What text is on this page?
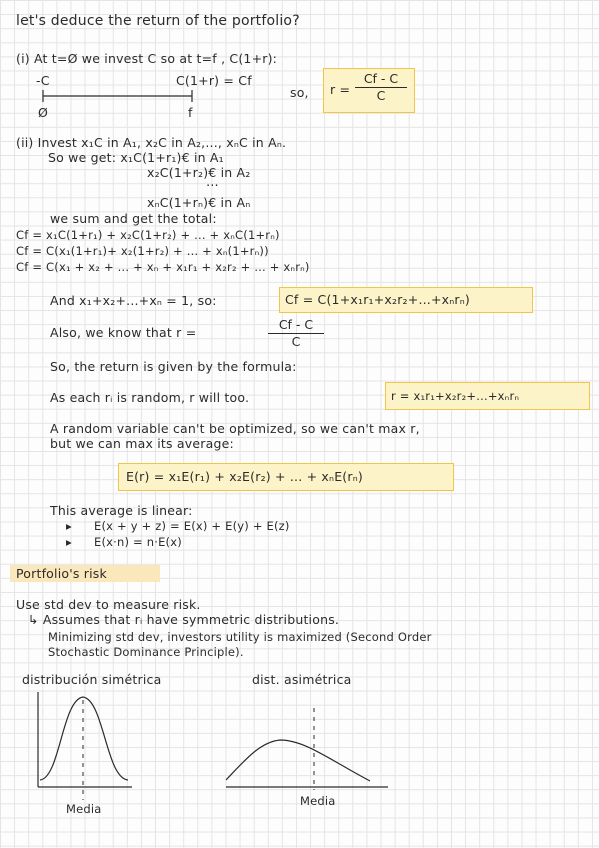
let's deduce the return of the portfolio?
(i) At t=Ø we invest C so at t=f , C(1+r):
-C	C(1+r) = Cf
Ø	f
so, $r = \frac{Cf - C}{C}$
(ii) Invest x₁C in A₁, x₂C in A₂,..., xₙC in Aₙ.
So we get: x₁C(1+r₁)€ in A₁
x₂C(1+r₂)€ in A₂
⋯
xₙC(1+rₙ)€ in Aₙ
we sum and get the total:
Cf = x₁C(1+r₁) + x₂C(1+r₂) + ... + xₙC(1+rₙ)
Cf = C(x₁(1+r₁)+ x₂(1+r₂) + ... + xₙ(1+rₙ))
Cf = C(x₁ + x₂ + ... + xₙ + x₁r₁ + x₂r₂ + ... + xₙrₙ)
And x₁+x₂+...+xₙ = 1, so:	Cf = C(1+x₁r₁+x₂r₂+...+xₙrₙ)
Also, we know that r =	$\frac{Cf - C}{C}$
So, the return is given by the formula:
As each rᵢ is random, r will too.	r = x₁r₁+x₂r₂+...+xₙrₙ
A random variable can't be optimized, so we can't max r,
but we can max its average:
E(r) = x₁E(r₁) + x₂E(r₂) + ... + xₙE(rₙ)
This average is linear:
▸ E(x + y + z) = E(x) + E(y) + E(z)
▸ E(x·n) = n·E(x)
Portfolio's risk
Use std dev to measure risk.
↳ Assumes that rᵢ have symmetric distributions.
Minimizing std dev, investors utility is maximized (Second Order
Stochastic Dominance Principle).
distribución simétrica	dist. asimétrica
Media
Media
